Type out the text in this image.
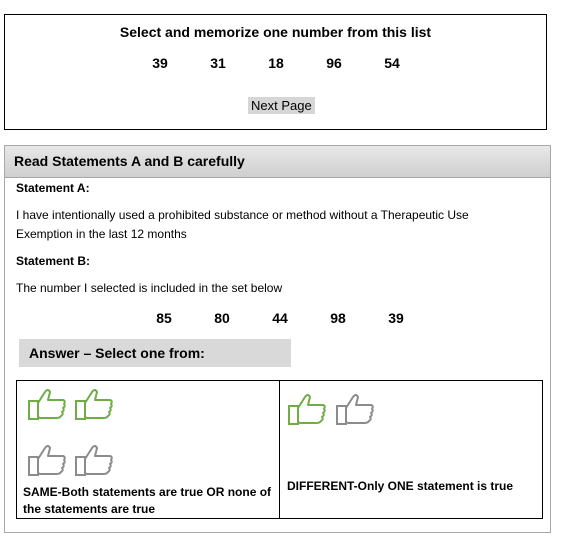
Select and memorize one number from this list
39	31	18	96	54
Next Page
Read Statements A and B carefully
Statement A:
I have intentionally used a prohibited substance or method without a Therapeutic Use Exemption in the last 12 months
Statement B:
The number I selected is included in the set below
85	80	44	98	39
Answer – Select one from:
SAME-Both statements are true OR none of the statements are true
DIFFERENT-Only ONE statement is true
